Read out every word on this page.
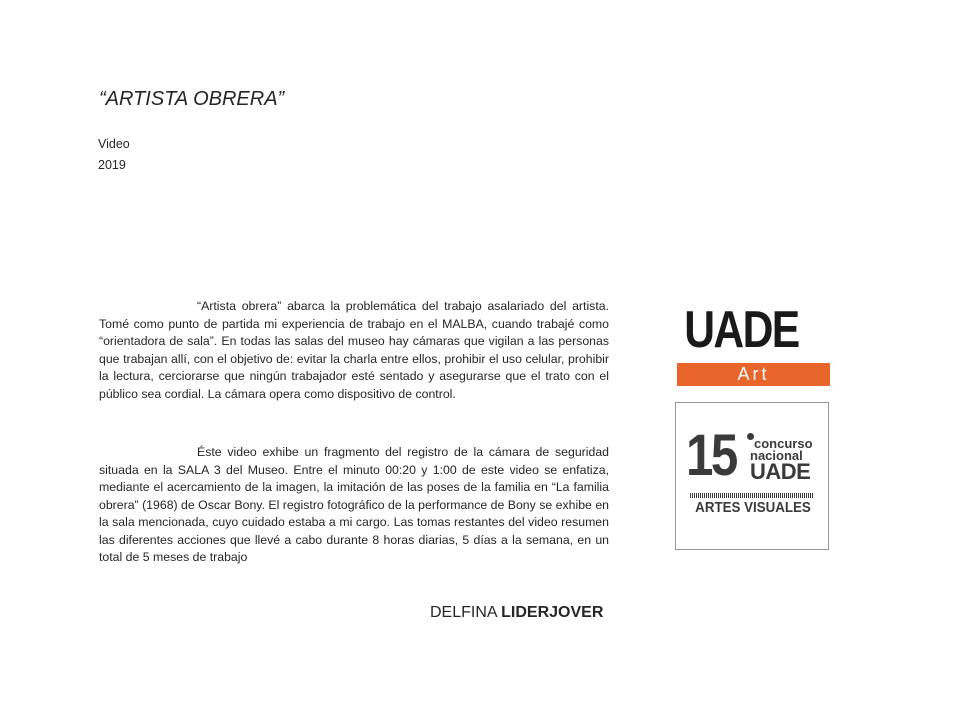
“ARTISTA OBRERA”
Video
2019
“Artista obrera” abarca la problemática del trabajo asalariado del artista. Tomé como punto de partida mi experiencia de trabajo en el MALBA, cuando trabajé como “orientadora de sala”. En todas las salas del museo hay cámaras que vigilan a las personas que trabajan allí, con el objetivo de: evitar la charla entre ellos, prohibir el uso celular, prohibir la lectura, cerciorarse que ningún trabajador esté sentado y asegurarse que el trato con el público sea cordial. La cámara opera como dispositivo de control.
Éste video exhibe un fragmento del registro de la cámara de seguridad situada en la SALA 3 del Museo. Entre el minuto 00:20 y 1:00 de este video se enfatiza, mediante el acercamiento de la imagen, la imitación de las poses de la familia en “La familia obrera” (1968) de Oscar Bony. El registro fotográfico de la performance de Bony se exhibe en la sala mencionada, cuyo cuidado estaba a mi cargo. Las tomas restantes del video resumen las diferentes acciones que llevé a cabo durante 8 horas diarias, 5 días a la semana, en un total de 5 meses de trabajo
DELFINA LIDERJOVER
UADE
Art
15 concurso
nacional
UADE
ARTES VISUALES
